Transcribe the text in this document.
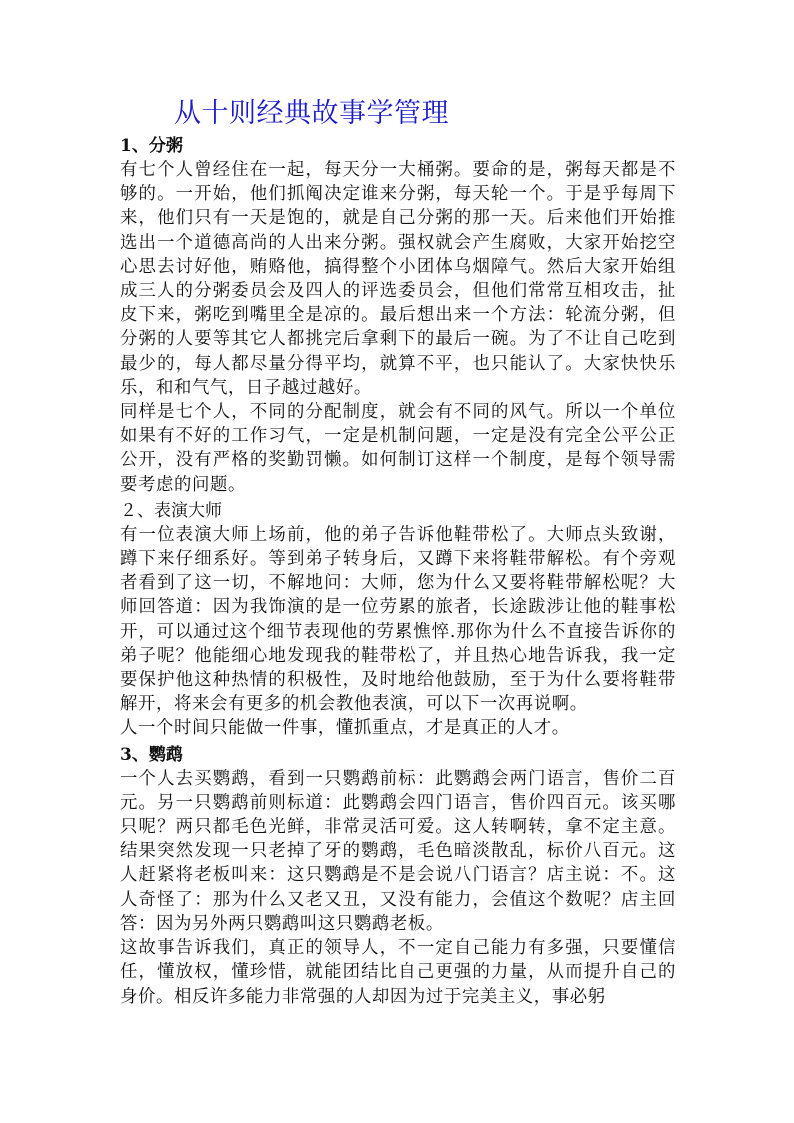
从十则经典故事学管理
1、分粥

有七个人曾经住在一起，每天分一大桶粥。要命的是，粥每天都是不够的。一开始，他们抓阄决定谁来分粥，每天轮一个。于是乎每周下来，他们只有一天是饱的，就是自己分粥的那一天。后来他们开始推选出一个道德高尚的人出来分粥。强权就会产生腐败，大家开始挖空心思去讨好他，贿赂他，搞得整个小团体乌烟障气。然后大家开始组成三人的分粥委员会及四人的评选委员会，但他们常常互相攻击，扯皮下来，粥吃到嘴里全是凉的。最后想出来一个方法：轮流分粥，但分粥的人要等其它人都挑完后拿剩下的最后一碗。为了不让自己吃到最少的，每人都尽量分得平均，就算不平，也只能认了。大家快快乐乐，和和气气，日子越过越好。

同样是七个人，不同的分配制度，就会有不同的风气。所以一个单位如果有不好的工作习气，一定是机制问题，一定是没有完全公平公正公开，没有严格的奖勤罚懒。如何制订这样一个制度，是每个领导需要考虑的问题。

２、表演大师

有一位表演大师上场前，他的弟子告诉他鞋带松了。大师点头致谢，蹲下来仔细系好。等到弟子转身后，又蹲下来将鞋带解松。有个旁观者看到了这一切，不解地问：大师，您为什么又要将鞋带解松呢？大师回答道：因为我饰演的是一位劳累的旅者，长途跋涉让他的鞋事松开，可以通过这个细节表现他的劳累憔悴.那你为什么不直接告诉你的弟子呢？他能细心地发现我的鞋带松了，并且热心地告诉我，我一定要保护他这种热情的积极性，及时地给他鼓励，至于为什么要将鞋带解开，将来会有更多的机会教他表演，可以下一次再说啊。

人一个时间只能做一件事，懂抓重点，才是真正的人才。

3、鹦鹉

一个人去买鹦鹉，看到一只鹦鹉前标：此鹦鹉会两门语言，售价二百元。另一只鹦鹉前则标道：此鹦鹉会四门语言，售价四百元。该买哪只呢？两只都毛色光鲜，非常灵活可爱。这人转啊转，拿不定主意。结果突然发现一只老掉了牙的鹦鹉，毛色暗淡散乱，标价八百元。这人赶紧将老板叫来：这只鹦鹉是不是会说八门语言？店主说：不。这人奇怪了：那为什么又老又丑，又没有能力，会值这个数呢？店主回答：因为另外两只鹦鹉叫这只鹦鹉老板。

这故事告诉我们，真正的领导人，不一定自己能力有多强，只要懂信任，懂放权，懂珍惜，就能团结比自己更强的力量，从而提升自己的身价。相反许多能力非常强的人却因为过于完美主义，事必躬
